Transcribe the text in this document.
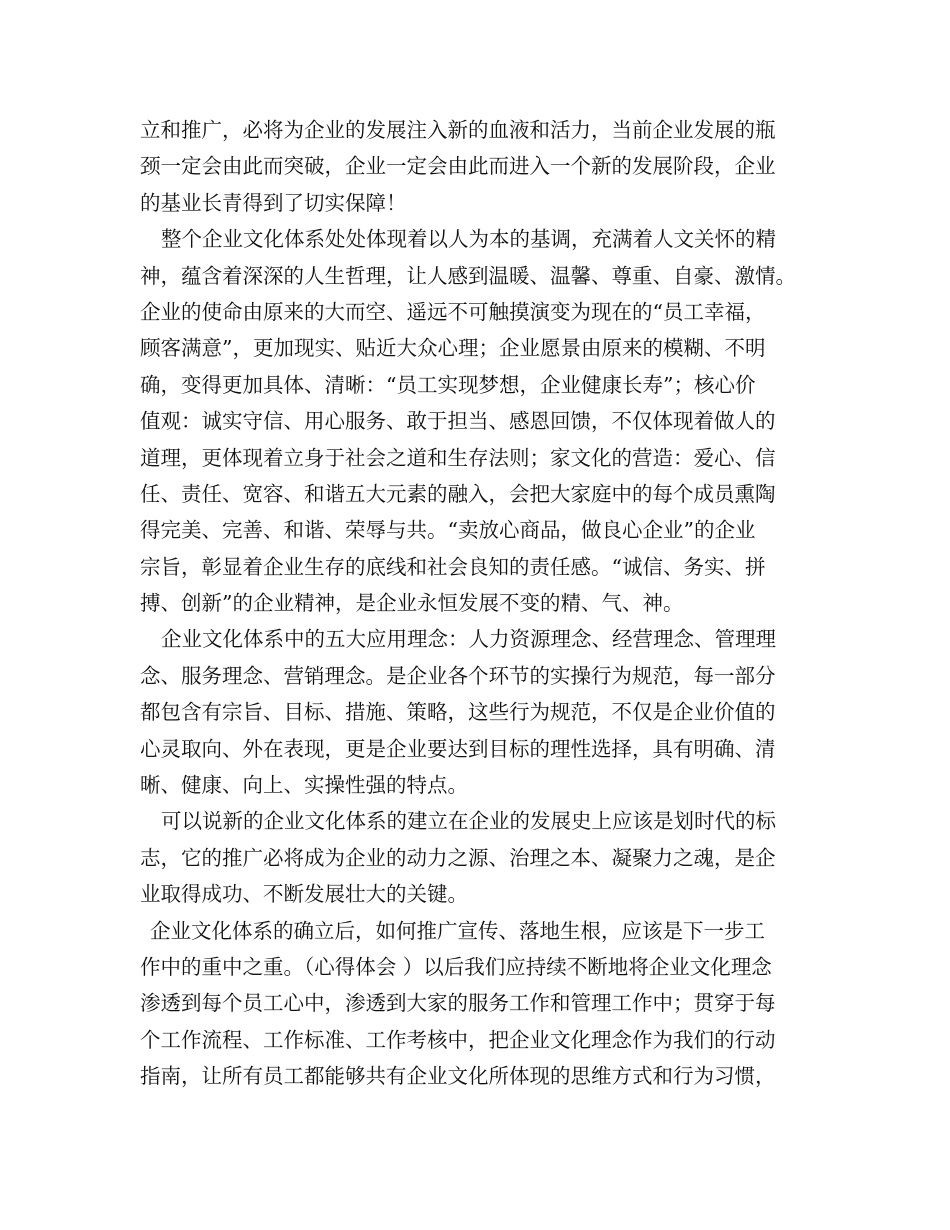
立和推广，必将为企业的发展注入新的血液和活力，当前企业发展的瓶
颈一定会由此而突破，企业一定会由此而进入一个新的发展阶段，企业
的基业长青得到了切实保障！
整个企业文化体系处处体现着以人为本的基调，充满着人文关怀的精
神，蕴含着深深的人生哲理，让人感到温暖、温馨、尊重、自豪、激情。
企业的使命由原来的大而空、遥远不可触摸演变为现在的“员工幸福，
顾客满意”，更加现实、贴近大众心理；企业愿景由原来的模糊、不明
确，变得更加具体、清晰：“员工实现梦想，企业健康长寿”；核心价
值观：诚实守信、用心服务、敢于担当、感恩回馈，不仅体现着做人的
道理，更体现着立身于社会之道和生存法则；家文化的营造：爱心、信
任、责任、宽容、和谐五大元素的融入，会把大家庭中的每个成员熏陶
得完美、完善、和谐、荣辱与共。“卖放心商品，做良心企业”的企业
宗旨，彰显着企业生存的底线和社会良知的责任感。“诚信、务实、拼
搏、创新”的企业精神，是企业永恒发展不变的精、气、神。
企业文化体系中的五大应用理念：人力资源理念、经营理念、管理理
念、服务理念、营销理念。是企业各个环节的实操行为规范，每一部分
都包含有宗旨、目标、措施、策略，这些行为规范，不仅是企业价值的
心灵取向、外在表现，更是企业要达到目标的理性选择，具有明确、清
晰、健康、向上、实操性强的特点。
可以说新的企业文化体系的建立在企业的发展史上应该是划时代的标
志，它的推广必将成为企业的动力之源、治理之本、凝聚力之魂，是企
业取得成功、不断发展壮大的关键。
企业文化体系的确立后，如何推广宣传、落地生根，应该是下一步工
作中的重中之重。（心得体会 ）以后我们应持续不断地将企业文化理念
渗透到每个员工心中，渗透到大家的服务工作和管理工作中；贯穿于每
个工作流程、工作标准、工作考核中，把企业文化理念作为我们的行动
指南，让所有员工都能够共有企业文化所体现的思维方式和行为习惯，
